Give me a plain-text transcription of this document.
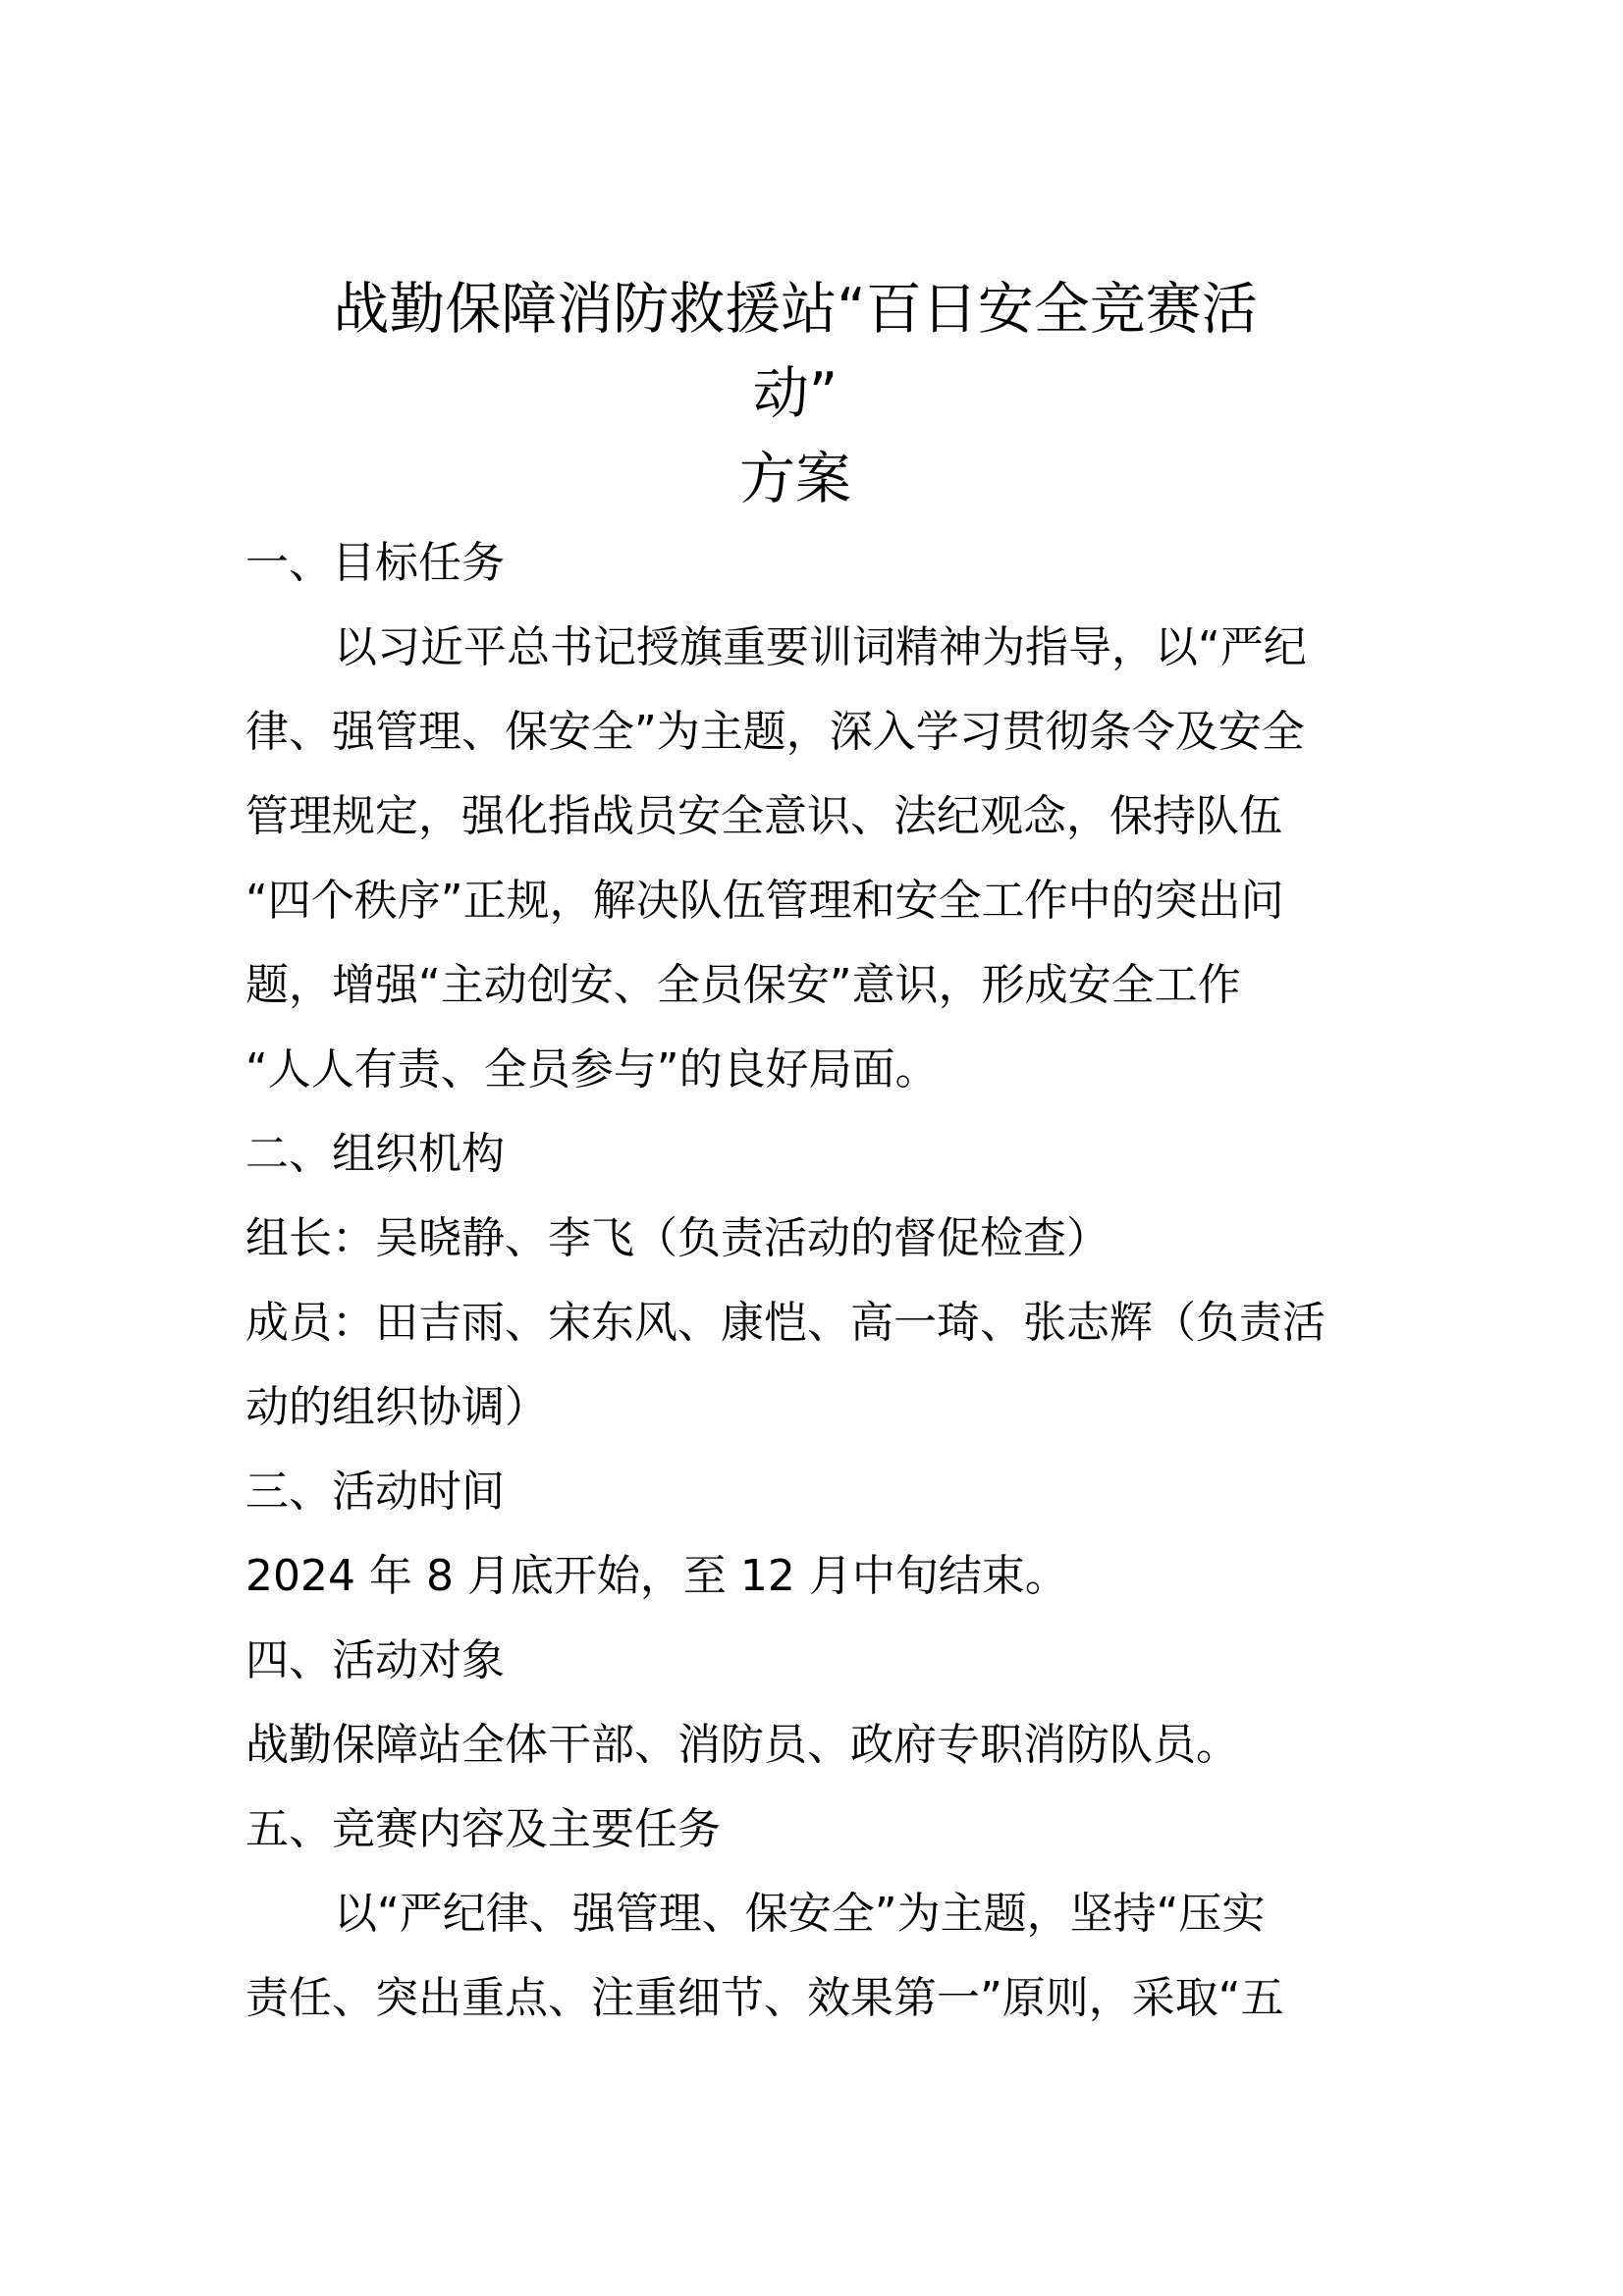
战勤保障消防救援站“百日安全竞赛活
动”
方案
一、目标任务
以习近平总书记授旗重要训词精神为指导，以“严纪
律、强管理、保安全”为主题，深入学习贯彻条令及安全
管理规定，强化指战员安全意识、法纪观念，保持队伍
“四个秩序”正规，解决队伍管理和安全工作中的突出问
题，增强“主动创安、全员保安”意识，形成安全工作
“人人有责、全员参与”的良好局面。
二、组织机构
组长：吴晓静、李飞（负责活动的督促检查）
成员：田吉雨、宋东风、康恺、高一琦、张志辉（负责活
动的组织协调）
三、活动时间
2024 年 8 月底开始，至 12 月中旬结束。
四、活动对象
战勤保障站全体干部、消防员、政府专职消防队员。
五、竞赛内容及主要任务
以“严纪律、强管理、保安全”为主题，坚持“压实
责任、突出重点、注重细节、效果第一”原则，采取“五
